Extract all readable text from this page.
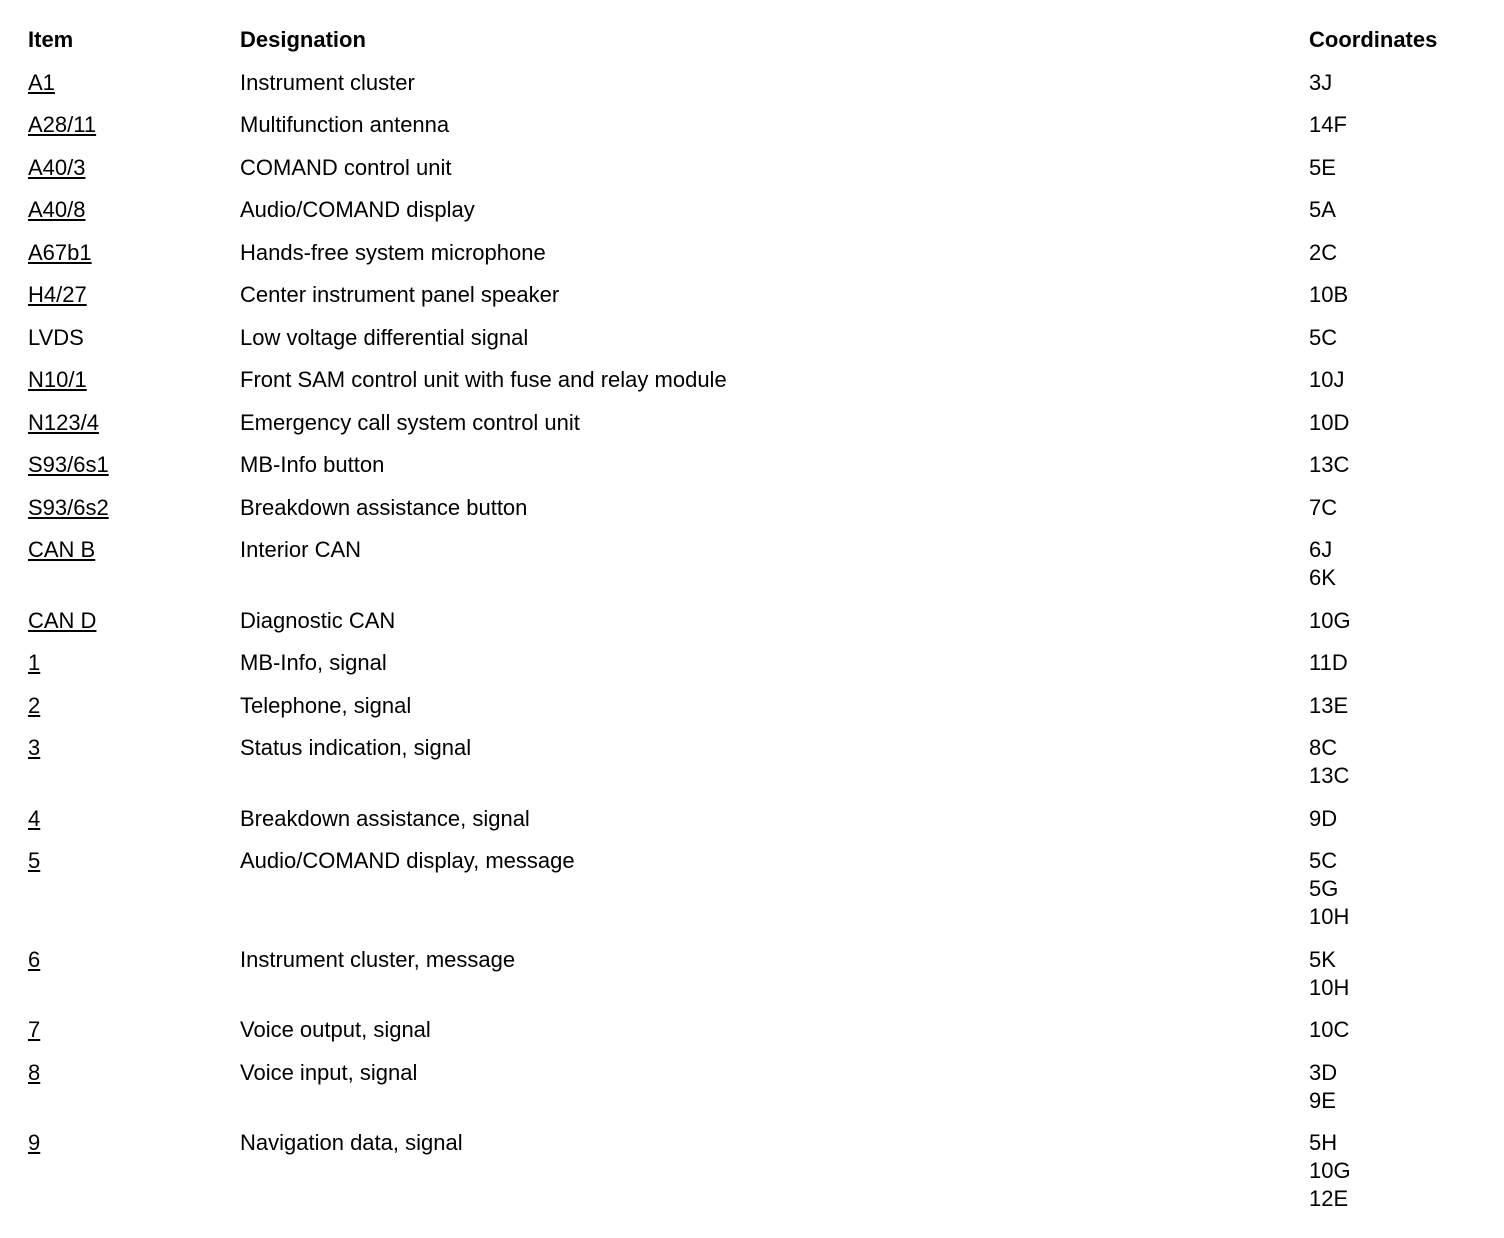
Item	Designation	Coordinates
A1	Instrument cluster	3J
A28/11	Multifunction antenna	14F
A40/3	COMAND control unit	5E
A40/8	Audio/COMAND display	5A
A67b1	Hands-free system microphone	2C
H4/27	Center instrument panel speaker	10B
LVDS	Low voltage differential signal	5C
N10/1	Front SAM control unit with fuse and relay module	10J
N123/4	Emergency call system control unit	10D
S93/6s1	MB-Info button	13C
S93/6s2	Breakdown assistance button	7C
CAN B	Interior CAN	6J
6K
CAN D	Diagnostic CAN	10G
1	MB-Info, signal	11D
2	Telephone, signal	13E
3	Status indication, signal	8C
13C
4	Breakdown assistance, signal	9D
5	Audio/COMAND display, message	5C
5G
10H
6	Instrument cluster, message	5K
10H
7	Voice output, signal	10C
8	Voice input, signal	3D
9E
9	Navigation data, signal	5H
10G
12E
